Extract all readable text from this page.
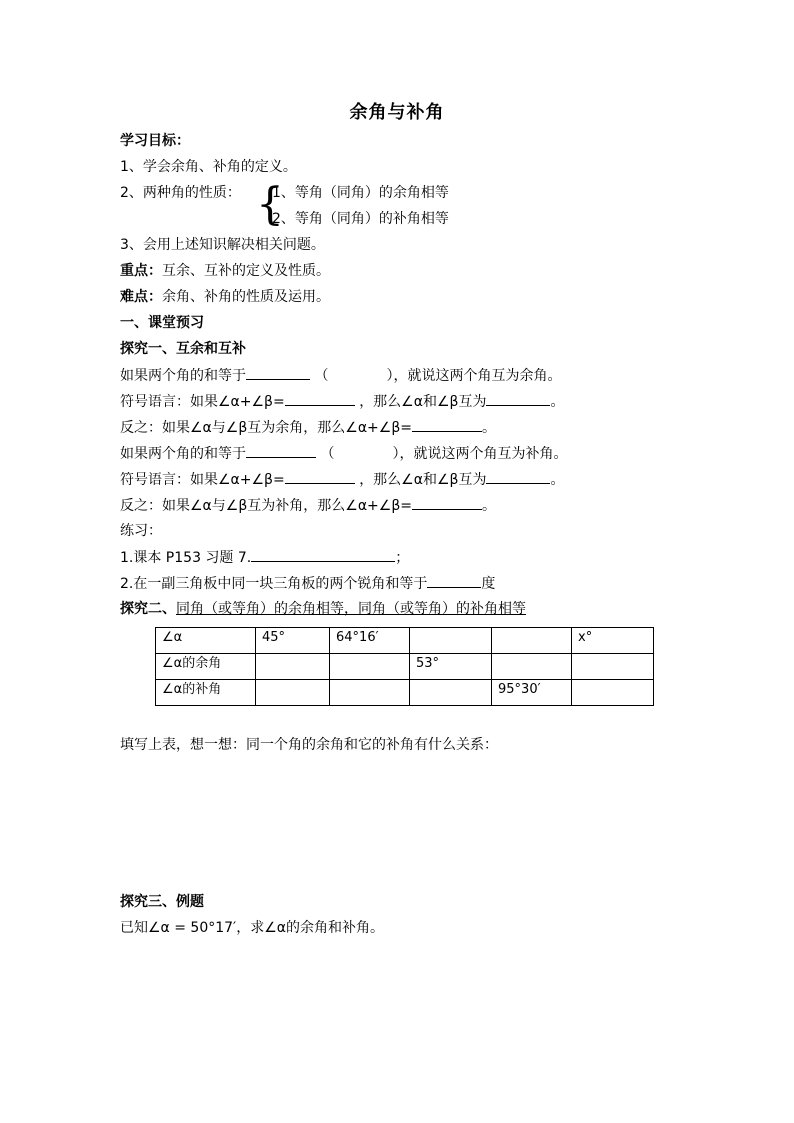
余角与补角
学习目标：
1、学会余角、补角的定义。
2、两种角的性质： {
1、等角（同角）的余角相等
2、等角（同角）的补角相等
3、会用上述知识解决相关问题。
重点：互余、互补的定义及性质。
难点：余角、补角的性质及运用。
一、课堂预习
探究一、互余和互补
如果两个角的和等于	（	），就说这两个角互为余角。
符号语言：如果∠α+∠β=	，那么∠α和∠β互为	。
反之：如果∠α与∠β互为余角，那么∠α+∠β=	。
如果两个角的和等于	（	），就说这两个角互为补角。
符号语言：如果∠α+∠β=	，那么∠α和∠β互为	。
反之：如果∠α与∠β互为补角，那么∠α+∠β=	。
练习：
1.课本 P153 习题 7.	；
2.在一副三角板中同一块三角板的两个锐角和等于	度
探究二、同角（或等角）的余角相等，同角（或等角）的补角相等
∠α	45°	64°16′			x°
∠α的余角			53°		
∠α的补角				95°30′	
填写上表，想一想：同一个角的余角和它的补角有什么关系：
探究三、例题
已知∠α = 50°17′，求∠α的余角和补角。
